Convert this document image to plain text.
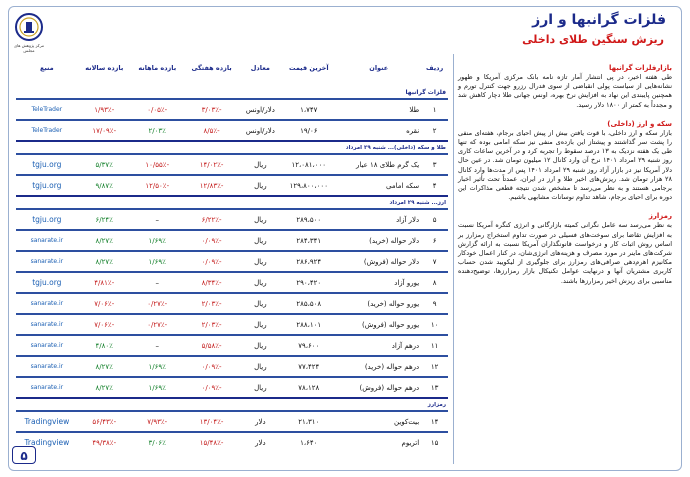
مرکز پژوهش های مجلس
فلزات گرانبها و ارز
ریزش سنگین طلای داخلی
ردیف	عنوان	آخرین قیمت	معادل	بازده هفتگی	بازده ماهانه	بازده سالانه	منبع
فلزات گرانبها							
۱	طلا	۱،۷۴۷	دلار/اونس	-۳/۰۳٪	-۰/۰۵٪	-۱/۹۳٪	TeleTrader
۲	نقره	۱۹/۰۶	دلار/اونس	-۸/۵٪	۲/۰۳٪	-۱۷/۰۹٪	TeleTrader
طلا و سکه (داخلی)... شنبه ۲۹ امرداد							
۳	یک گرم طلای ۱۸ عیار	۱۲،۰۸۱،۰۰۰	ریال	-۱۴/۰۲٪	-۱۰/۵۵٪	۵/۳۷٪	tgju.org
۴	سکه امامی	۱۲۹،۸۰۰،۰۰۰	ریال	-۱۲/۸۳٪	-۱۲/۵۰٪	۹/۸۷٪	tgju.org
ارز... شنبه ۲۹ امرداد							
۵	دلار آزاد	۲۸۹،۵۰۰	ریال	-۶/۲۲٪	–	۶/۲۴٪	tgju.org
۶	دلار حواله (خرید)	۲۸۴،۳۴۱	ریال	-۰/۰۹٪	۱/۶۹٪	۸/۲۷٪	sanarate.ir
۷	دلار حواله (فروش)	۲۸۶،۹۲۴	ریال	-۰/۰۹٪	۱/۶۹٪	۸/۲۷٪	sanarate.ir
۸	یورو آزاد	۲۹۰،۴۲۰	ریال	-۸/۳۴٪	–	-۴/۸۱٪	tgju.org
۹	یورو حواله (خرید)	۲۸۵،۵۰۸	ریال	-۲/۰۳٪	-۰/۲۷٪	-۷/۰۶٪	sanarate.ir
۱۰	یورو حواله (فروش)	۲۸۸،۱۰۱	ریال	-۲/۰۳٪	-۰/۲۷٪	-۷/۰۶٪	sanarate.ir
۱۱	درهم آزاد	۷۹،۶۰۰	ریال	-۵/۵۸٪	–	۴/۸۰٪	sanarate.ir
۱۲	درهم حواله (خرید)	۷۷،۴۲۴	ریال	-۰/۰۹٪	۱/۶۹٪	۸/۲۷٪	sanarate.ir
۱۳	درهم حواله (فروش)	۷۸،۱۲۸	ریال	-۰/۰۹٪	۱/۶۹٪	۸/۲۷٪	sanarate.ir
رمزارز							
۱۴	بیت‌کوین	۲۱،۳۱۰	دلار	-۱۳/۰۴٪	-۷/۹۳٪	-۵۶/۴۳٪	Tradingview
۱۵	اتریوم	۱،۶۴۰	دلار	-۱۵/۴۸٪	۳/۰۶٪	-۴۹/۳۸٪	Tradingview
بازارفلزات گرانبها
طی هفته اخیر، در پی انتشار آمار تازه نامه بانک مرکزی آمریکا و ظهور نشانه‌هایی از سیاست پولی انقباضی از سوی فدرال رزرو جهت کنترل تورم و همچنین پایبندی این نهاد به افزایش نرخ بهره، اونس جهانی طلا دچار کاهش شد و مجدداً به کمتر از ۱۸۰۰ دلار رسید.
سکه و ارز (داخلی)
بازار سکه و ارز داخلی، با قوت یافتن بیش از پیش احیای برجام، هفته‌ای منفی را پشت سر گذاشتند و پیشتاز این بازده‌ی منفی نیز سکه امامی بوده که تنها طی یک هفته نزدیک به ۱۳ درصد سقوط را تجربه کرد و در آخرین ساعات کاری روز شنبه ۲۹ امرداد ۱۴۰۱ نرخ آن وارد کانال ۱۲ میلیون تومان شد. در عین حال دلار آمریکا نیز در بازار آزاد روز شنبه ۲۹ امرداد ۱۴۰۱ پس از مدت‌ها وارد کانال ۲۸ هزار تومان شد. ریزش‌های اخیر طلا و ارز در ایران، عمدتاً تحت تأثیر اخبار برجامی هستند و به نظر می‌رسد تا مشخص شدن نتیجه قطعی مذاکرات این دوره برای احیای برجام، شاهد تداوم نوسانات مشابهی باشیم.
رمزارز
به نظر می‌رسد سه عامل نگرانی کمیته بازارگانی و انرژی کنگره آمریکا نسبت به افزایش تقاضا برای سوخت‌های فسیلی در صورت تداوم استخراج رمزارز بر اساس روش اثبات کار و درخواست قانونگذاران آمریکا نسبت به ارائه گزارش شرکت‌های ماینر در مورد مصرف و هزینه‌های انرژی‌شان، در کنار اعمال خودکار مکانیزم اهرم‌دهی صرافی‌های رمزارز برای جلوگیری از لیکویید شدن حساب کاربری مشتریان آنها و درنهایت عوامل تکنیکال بازار رمزارزها، توضیح‌دهنده مناسبی برای ریزش اخیر رمزارزها باشند.
۵
